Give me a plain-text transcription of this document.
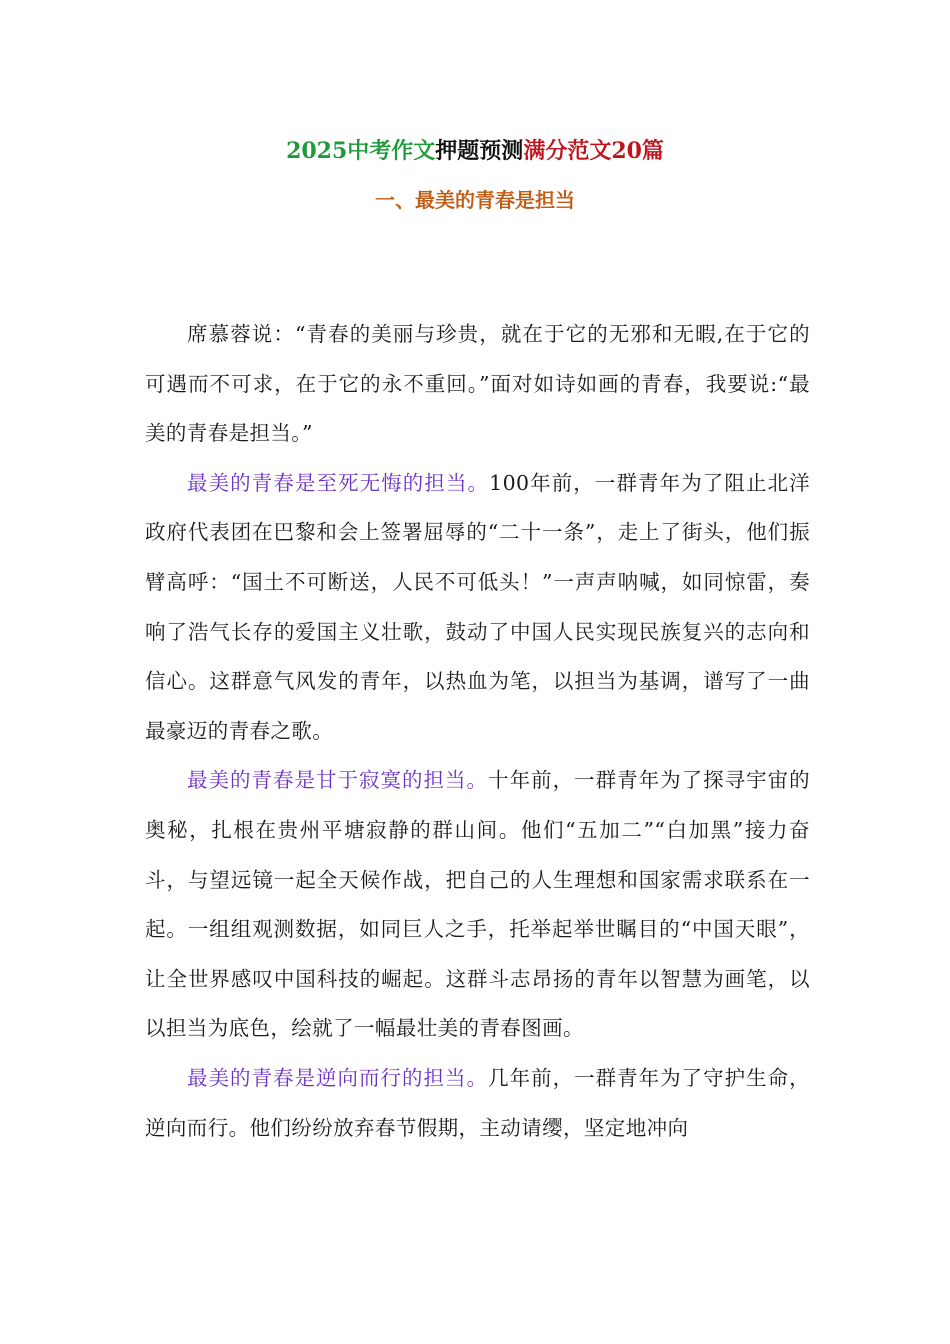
2025中考作文押题预测满分范文20篇
一、最美的青春是担当

席慕蓉说：“青春的美丽与珍贵，就在于它的无邪和无暇,在于它的可遇而不可求，在于它的永不重回。”面对如诗如画的青春，我要说:“最美的青春是担当。”

最美的青春是至死无悔的担当。100年前，一群青年为了阻止北洋政府代表团在巴黎和会上签署屈辱的“二十一条”，走上了街头，他们振臂高呼：“国土不可断送，人民不可低头！”一声声呐喊，如同惊雷，奏响了浩气长存的爱国主义壮歌，鼓动了中国人民实现民族复兴的志向和信心。这群意气风发的青年，以热血为笔，以担当为基调，谱写了一曲最豪迈的青春之歌。

最美的青春是甘于寂寞的担当。十年前，一群青年为了探寻宇宙的奥秘，扎根在贵州平塘寂静的群山间。他们“五加二”“白加黑”接力奋斗，与望远镜一起全天候作战，把自己的人生理想和国家需求联系在一起。一组组观测数据，如同巨人之手，托举起举世瞩目的“中国天眼”，让全世界感叹中国科技的崛起。这群斗志昂扬的青年以智慧为画笔，以以担当为底色，绘就了一幅最壮美的青春图画。

最美的青春是逆向而行的担当。几年前，一群青年为了守护生命，逆向而行。他们纷纷放弃春节假期，主动请缨，坚定地冲向
